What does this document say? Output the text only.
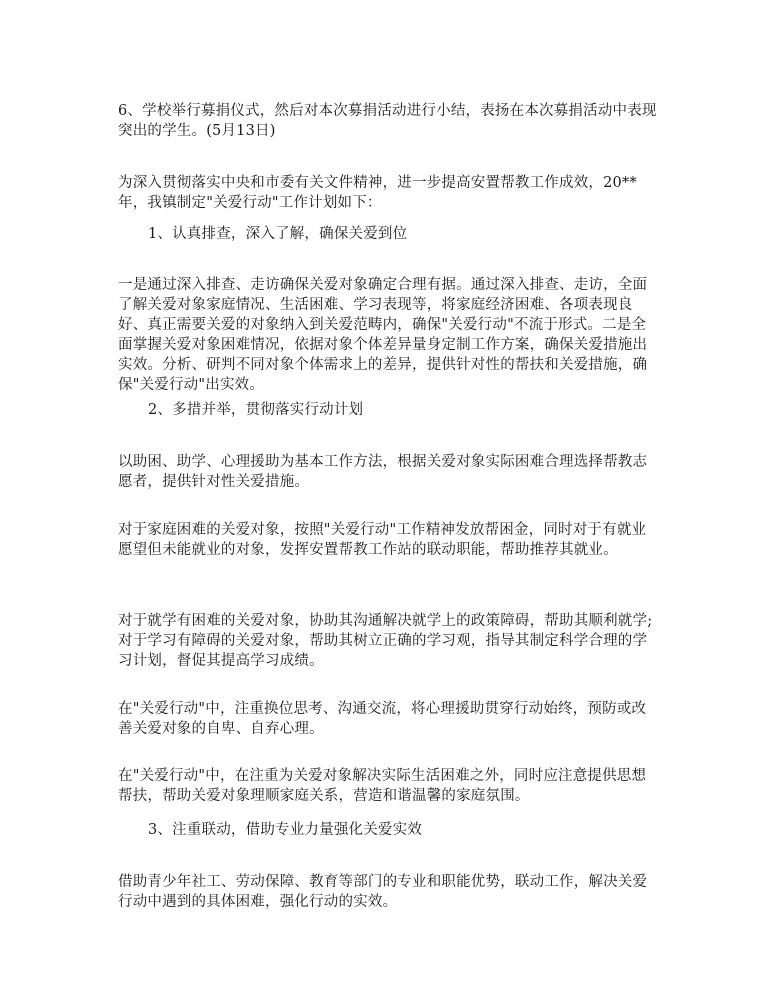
6、学校举行募捐仪式，然后对本次募捐活动进行小结，表扬在本次募捐活动中表现突出的学生。(5月13日)

为深入贯彻落实中央和市委有关文件精神，进一步提高安置帮教工作成效，20**年，我镇制定"关爱行动"工作计划如下：

1、认真排查，深入了解，确保关爱到位

一是通过深入排查、走访确保关爱对象确定合理有据。通过深入排查、走访，全面了解关爱对象家庭情况、生活困难、学习表现等，将家庭经济困难、各项表现良好、真正需要关爱的对象纳入到关爱范畴内，确保"关爱行动"不流于形式。二是全面掌握关爱对象困难情况，依据对象个体差异量身定制工作方案，确保关爱措施出实效。分析、研判不同对象个体需求上的差异，提供针对性的帮扶和关爱措施，确保"关爱行动"出实效。

2、多措并举，贯彻落实行动计划

以助困、助学、心理援助为基本工作方法，根据关爱对象实际困难合理选择帮教志愿者，提供针对性关爱措施。

对于家庭困难的关爱对象，按照"关爱行动"工作精神发放帮困金，同时对于有就业愿望但未能就业的对象，发挥安置帮教工作站的联动职能，帮助推荐其就业。

对于就学有困难的关爱对象，协助其沟通解决就学上的政策障碍，帮助其顺利就学;对于学习有障碍的关爱对象，帮助其树立正确的学习观，指导其制定科学合理的学习计划，督促其提高学习成绩。

在"关爱行动"中，注重换位思考、沟通交流，将心理援助贯穿行动始终，预防或改善关爱对象的自卑、自弃心理。

在"关爱行动"中，在注重为关爱对象解决实际生活困难之外，同时应注意提供思想帮扶，帮助关爱对象理顺家庭关系，营造和谐温馨的家庭氛围。

3、注重联动，借助专业力量强化关爱实效

借助青少年社工、劳动保障、教育等部门的专业和职能优势，联动工作，解决关爱行动中遇到的具体困难，强化行动的实效。
